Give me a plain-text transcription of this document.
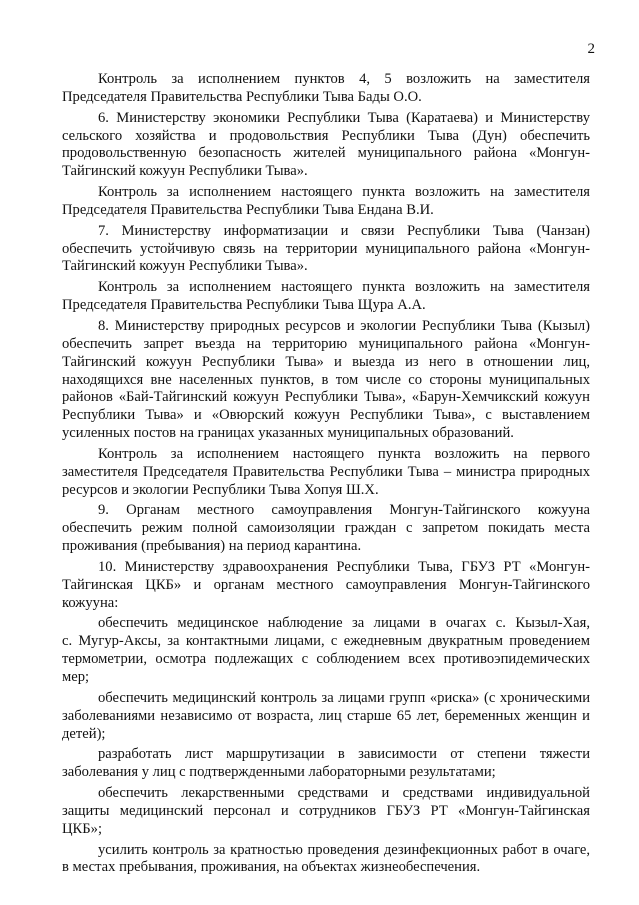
2
Контроль за исполнением пунктов 4, 5 возложить на заместителя
Председателя Правительства Республики Тыва Бады О.О.
6. Министерству экономики Республики Тыва (Каратаева) и Министерству
сельского хозяйства и продовольствия Республики Тыва (Дун) обеспечить
продовольственную безопасность жителей муниципального района «Монгун-
Тайгинский кожуун Республики Тыва».
Контроль за исполнением настоящего пункта возложить на заместителя
Председателя Правительства Республики Тыва Ендана В.И.
7. Министерству информатизации и связи Республики Тыва (Чанзан)
обеспечить устойчивую связь на территории муниципального района «Монгун-
Тайгинский кожуун Республики Тыва».
Контроль за исполнением настоящего пункта возложить на заместителя
Председателя Правительства Республики Тыва Щура А.А.
8. Министерству природных ресурсов и экологии Республики Тыва (Кызыл)
обеспечить запрет въезда на территорию муниципального района «Монгун-
Тайгинский кожуун Республики Тыва» и выезда из него в отношении лиц,
находящихся вне населенных пунктов, в том числе со стороны муниципальных
районов «Бай-Тайгинский кожуун Республики Тыва», «Барун-Хемчикский кожуун
Республики Тыва» и «Овюрский кожуун Республики Тыва», с выставлением
усиленных постов на границах указанных муниципальных образований.
Контроль за исполнением настоящего пункта возложить на первого
заместителя Председателя Правительства Республики Тыва – министра природных
ресурсов и экологии Республики Тыва Хопуя Ш.Х.
9. Органам местного самоуправления Монгун-Тайгинского кожууна
обеспечить режим полной самоизоляции граждан с запретом покидать места
проживания (пребывания) на период карантина.
10. Министерству здравоохранения Республики Тыва, ГБУЗ РТ «Монгун-
Тайгинская ЦКБ» и органам местного самоуправления Монгун-Тайгинского
кожууна:
обеспечить медицинское наблюдение за лицами в очагах с. Кызыл-Хая,
с. Мугур-Аксы, за контактными лицами, с ежедневным двукратным проведением
термометрии, осмотра подлежащих с соблюдением всех противоэпидемических
мер;
обеспечить медицинский контроль за лицами групп «риска» (с хроническими
заболеваниями независимо от возраста, лиц старше 65 лет, беременных женщин и
детей);
разработать лист маршрутизации в зависимости от степени тяжести
заболевания у лиц с подтвержденными лабораторными результатами;
обеспечить лекарственными средствами и средствами индивидуальной
защиты медицинский персонал и сотрудников ГБУЗ РТ «Монгун-Тайгинская
ЦКБ»;
усилить контроль за кратностью проведения дезинфекционных работ в очаге,
в местах пребывания, проживания, на объектах жизнеобеспечения.
